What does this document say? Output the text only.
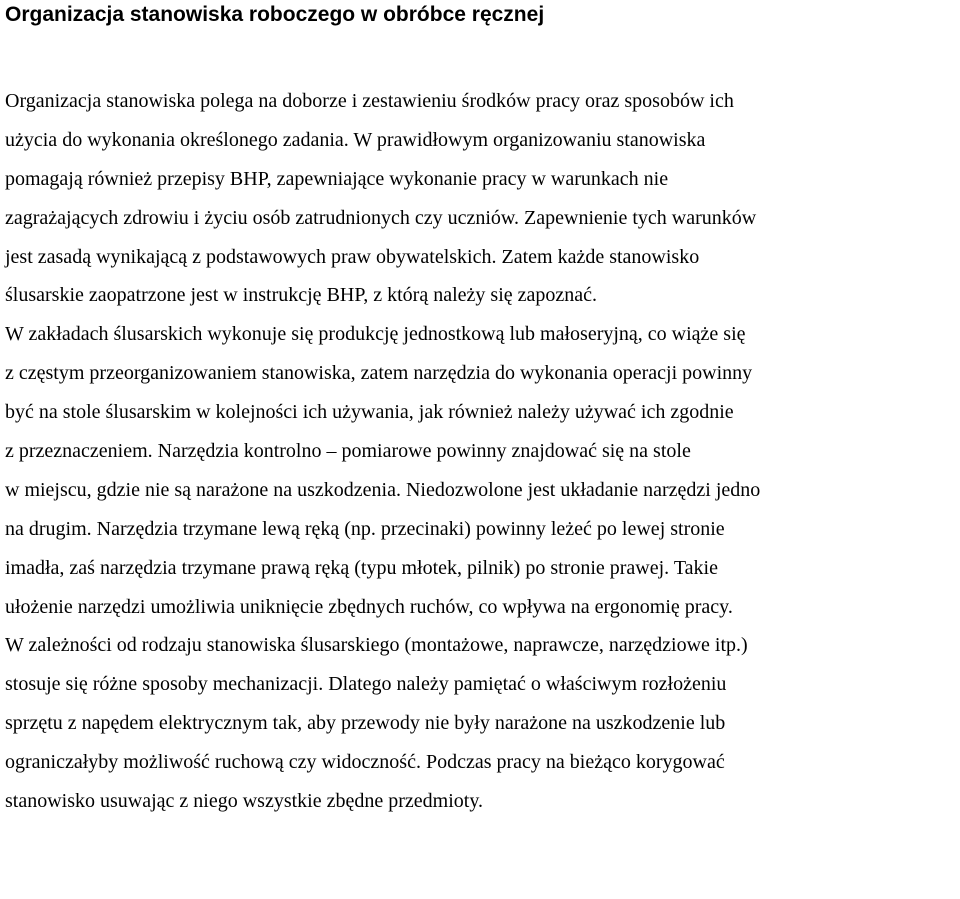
Organizacja stanowiska roboczego w obróbce ręcznej
Organizacja stanowiska polega na doborze i zestawieniu środków pracy oraz sposobów ich
użycia do wykonania określonego zadania. W prawidłowym organizowaniu stanowiska
pomagają również przepisy BHP, zapewniające wykonanie pracy w warunkach nie
zagrażających zdrowiu i życiu osób zatrudnionych czy uczniów. Zapewnienie tych warunków
jest zasadą wynikającą z podstawowych praw obywatelskich. Zatem każde stanowisko
ślusarskie zaopatrzone jest w instrukcję BHP, z którą należy się zapoznać.
W zakładach ślusarskich wykonuje się produkcję jednostkową lub małoseryjną, co wiąże się
z częstym przeorganizowaniem stanowiska, zatem narzędzia do wykonania operacji powinny
być na stole ślusarskim w kolejności ich używania, jak również należy używać ich zgodnie
z przeznaczeniem. Narzędzia kontrolno – pomiarowe powinny znajdować się na stole
w miejscu, gdzie nie są narażone na uszkodzenia. Niedozwolone jest układanie narzędzi jedno
na drugim. Narzędzia trzymane lewą ręką (np. przecinaki) powinny leżeć po lewej stronie
imadła, zaś narzędzia trzymane prawą ręką (typu młotek, pilnik) po stronie prawej. Takie
ułożenie narzędzi umożliwia uniknięcie zbędnych ruchów, co wpływa na ergonomię pracy.
W zależności od rodzaju stanowiska ślusarskiego (montażowe, naprawcze, narzędziowe itp.)
stosuje się różne sposoby mechanizacji. Dlatego należy pamiętać o właściwym rozłożeniu
sprzętu z napędem elektrycznym tak, aby przewody nie były narażone na uszkodzenie lub
ograniczałyby możliwość ruchową czy widoczność. Podczas pracy na bieżąco korygować
stanowisko usuwając z niego wszystkie zbędne przedmioty.
